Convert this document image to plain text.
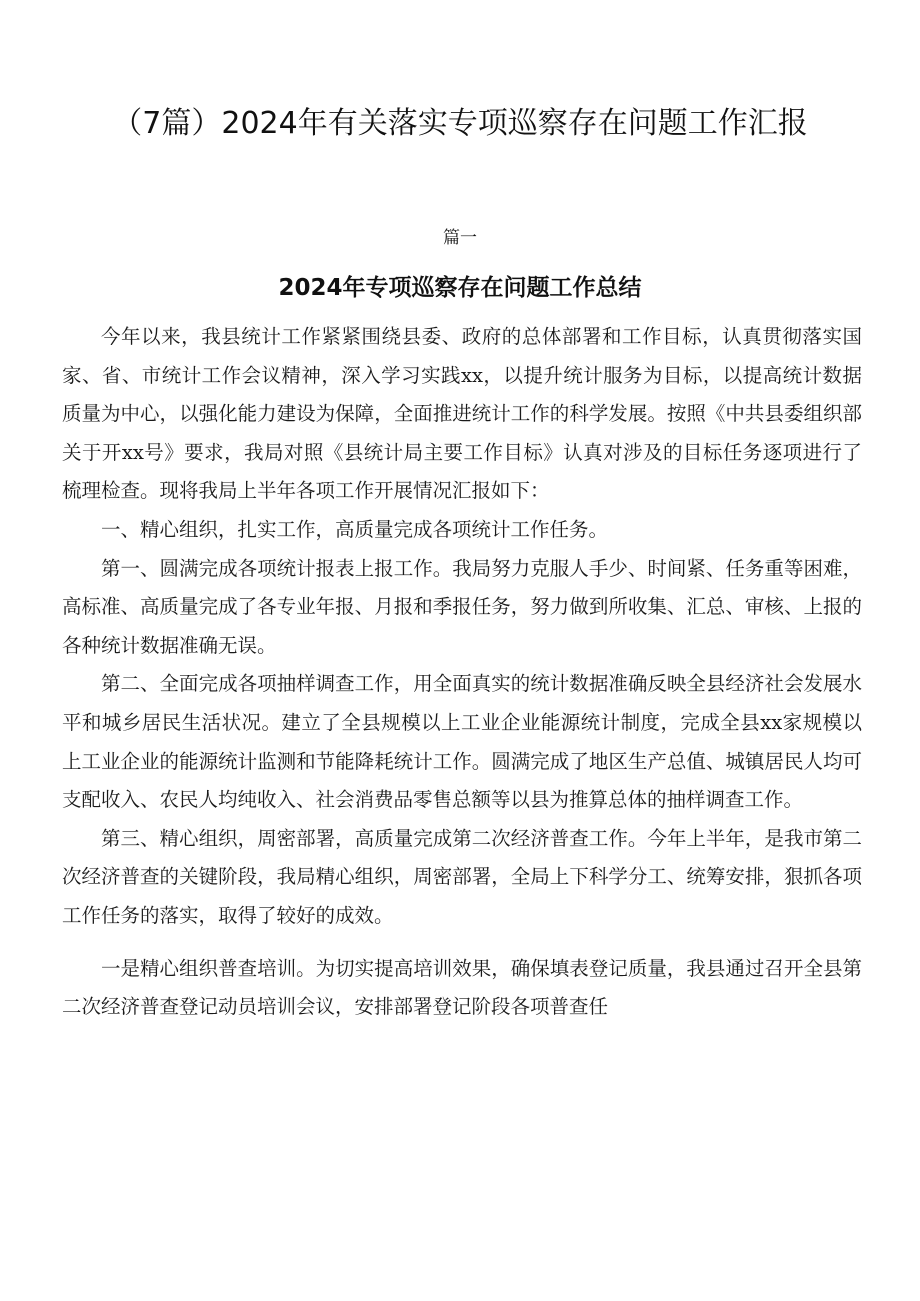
（7篇）2024年有关落实专项巡察存在问题工作汇报
篇一
2024年专项巡察存在问题工作总结

今年以来，我县统计工作紧紧围绕县委、政府的总体部署和工作目标，认真贯彻落实国家、省、市统计工作会议精神，深入学习实践xx，以提升统计服务为目标，以提高统计数据质量为中心，以强化能力建设为保障，全面推进统计工作的科学发展。按照《中共县委组织部关于开xx号》要求，我局对照《县统计局主要工作目标》认真对涉及的目标任务逐项进行了梳理检查。现将我局上半年各项工作开展情况汇报如下：

一、精心组织，扎实工作，高质量完成各项统计工作任务。

第一、圆满完成各项统计报表上报工作。我局努力克服人手少、时间紧、任务重等困难，高标准、高质量完成了各专业年报、月报和季报任务，努力做到所收集、汇总、审核、上报的各种统计数据准确无误。

第二、全面完成各项抽样调查工作，用全面真实的统计数据准确反映全县经济社会发展水平和城乡居民生活状况。建立了全县规模以上工业企业能源统计制度，完成全县xx家规模以上工业企业的能源统计监测和节能降耗统计工作。圆满完成了地区生产总值、城镇居民人均可支配收入、农民人均纯收入、社会消费品零售总额等以县为推算总体的抽样调查工作。

第三、精心组织，周密部署，高质量完成第二次经济普查工作。今年上半年，是我市第二次经济普查的关键阶段，我局精心组织，周密部署，全局上下科学分工、统筹安排，狠抓各项工作任务的落实，取得了较好的成效。

一是精心组织普查培训。为切实提高培训效果，确保填表登记质量，我县通过召开全县第二次经济普查登记动员培训会议，安排部署登记阶段各项普查任
